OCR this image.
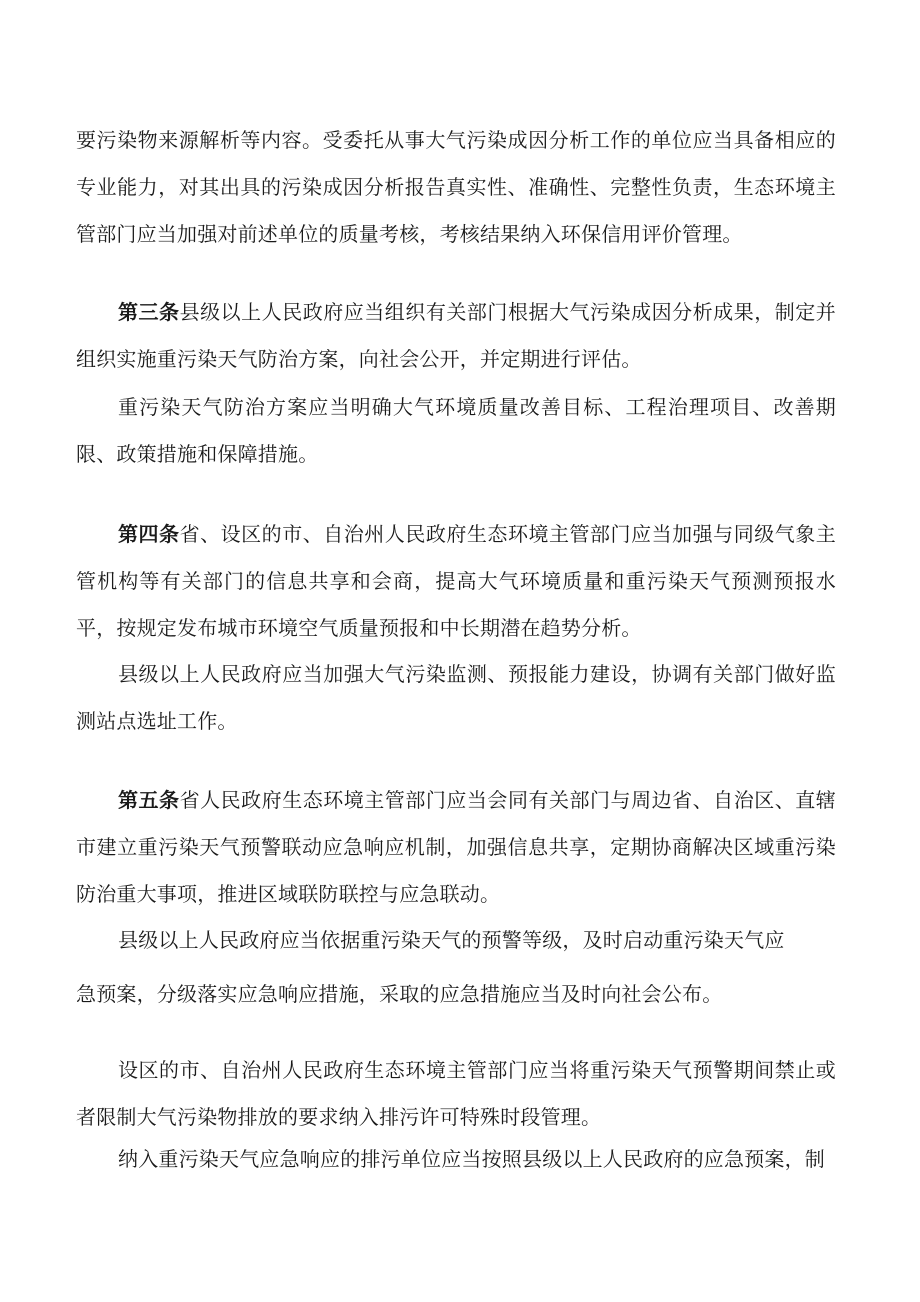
要污染物来源解析等内容。受委托从事大气污染成因分析工作的单位应当具备相应的专业能力，对其出具的污染成因分析报告真实性、准确性、完整性负责，生态环境主管部门应当加强对前述单位的质量考核，考核结果纳入环保信用评价管理。

第三条县级以上人民政府应当组织有关部门根据大气污染成因分析成果，制定并组织实施重污染天气防治方案，向社会公开，并定期进行评估。

重污染天气防治方案应当明确大气环境质量改善目标、工程治理项目、改善期限、政策措施和保障措施。

第四条省、设区的市、自治州人民政府生态环境主管部门应当加强与同级气象主管机构等有关部门的信息共享和会商，提高大气环境质量和重污染天气预测预报水平，按规定发布城市环境空气质量预报和中长期潜在趋势分析。

县级以上人民政府应当加强大气污染监测、预报能力建设，协调有关部门做好监测站点选址工作。

第五条省人民政府生态环境主管部门应当会同有关部门与周边省、自治区、直辖市建立重污染天气预警联动应急响应机制，加强信息共享，定期协商解决区域重污染防治重大事项，推进区域联防联控与应急联动。

县级以上人民政府应当依据重污染天气的预警等级，及时启动重污染天气应

急预案，分级落实应急响应措施，采取的应急措施应当及时向社会公布。

设区的市、自治州人民政府生态环境主管部门应当将重污染天气预警期间禁止或者限制大气污染物排放的要求纳入排污许可特殊时段管理。

纳入重污染天气应急响应的排污单位应当按照县级以上人民政府的应急预案，制
